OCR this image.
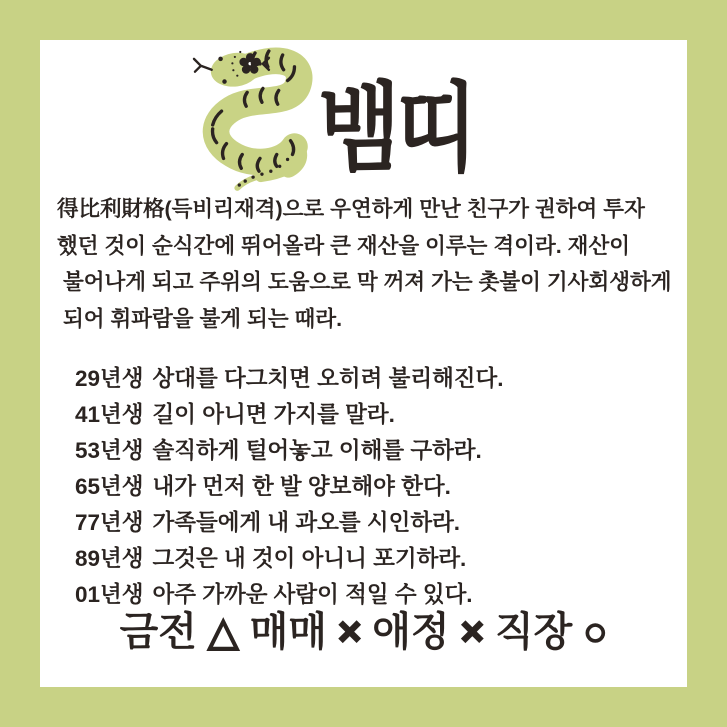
뱀띠
得比利財格(득비리재격)으로 우연하게 만난 친구가 권하여 투자
했던 것이 순식간에 뛰어올라 큰 재산을 이루는 격이라. 재산이
불어나게 되고 주위의 도움으로 막 꺼져 가는 촛불이 기사회생하게
되어 휘파람을 불게 되는 때라.
29년생 상대를 다그치면 오히려 불리해진다.
41년생 길이 아니면 가지를 말라.
53년생 솔직하게 털어놓고 이해를 구하라.
65년생 내가 먼저 한 발 양보해야 한다.
77년생 가족들에게 내 과오를 시인하라.
89년생 그것은 내 것이 아니니 포기하라.
01년생 아주 가까운 사람이 적일 수 있다.
금전 △ 매매 × 애정 × 직장 ○
